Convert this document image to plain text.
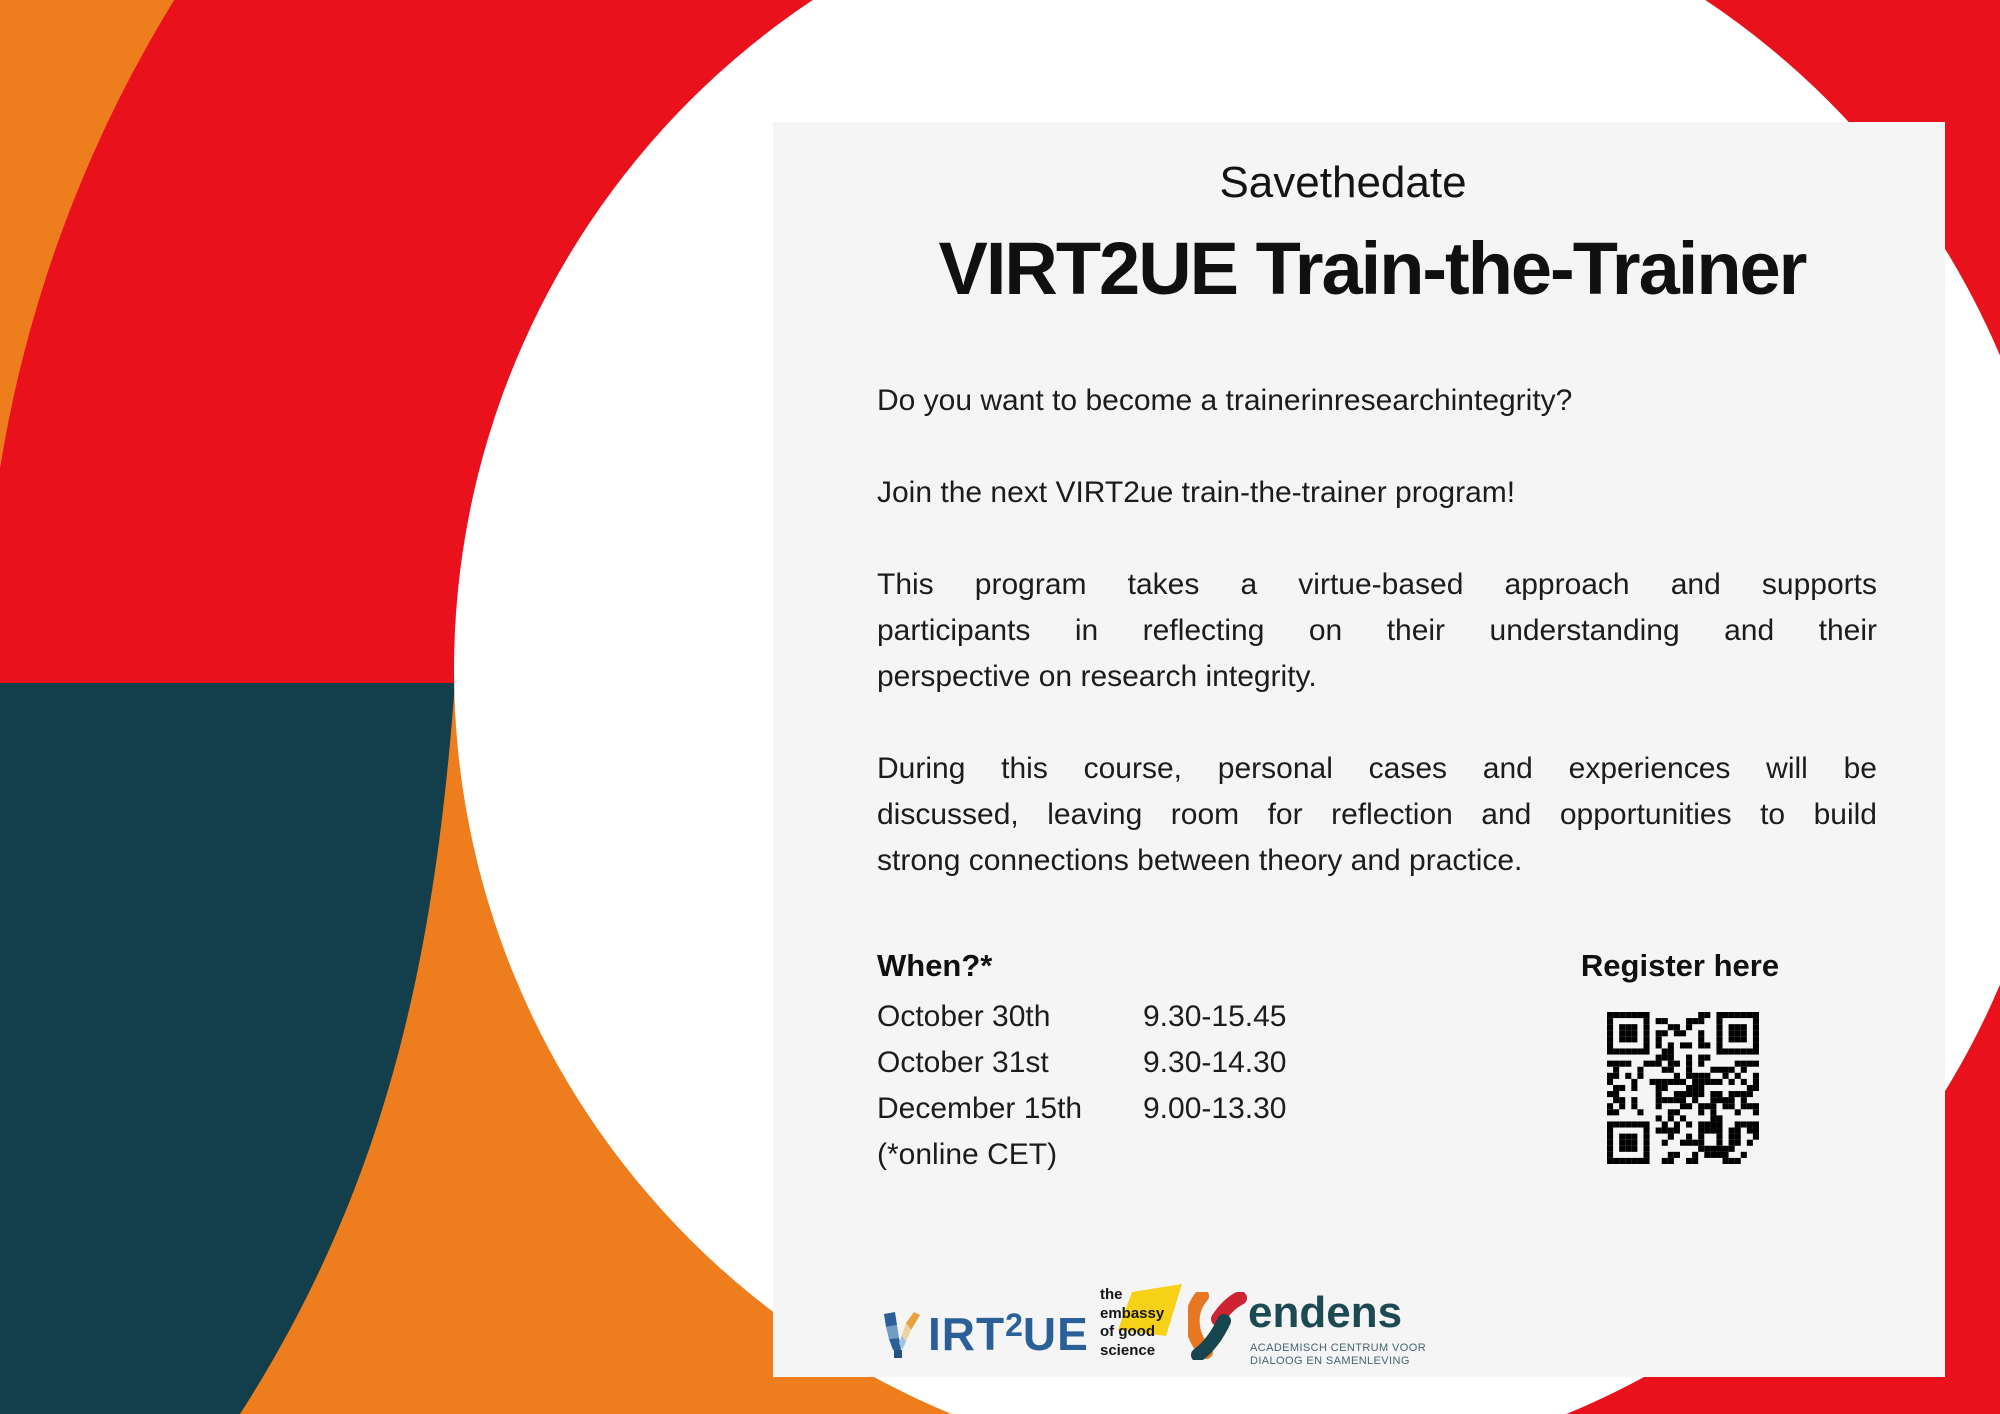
Savethedate
VIRT2UE Train-the-Trainer
Do you want to become a trainerinresearchintegrity?
Join the next VIRT2ue train-the-trainer program!
This program takes a virtue-based approach and supports
participants in reflecting on their understanding and their
perspective on research integrity.
During this course, personal cases and experiences will be
discussed, leaving room for reflection and opportunities to build
strong connections between theory and practice.
When?*
October 30th	9.30-15.45
October 31st	9.30-14.30
December 15th	9.00-13.30
(*online CET)
Register here
IRT$^2$UE
the
embassy
of good
science
endens
ACADEMISCH CENTRUM VOOR
DIALOOG EN SAMENLEVING
